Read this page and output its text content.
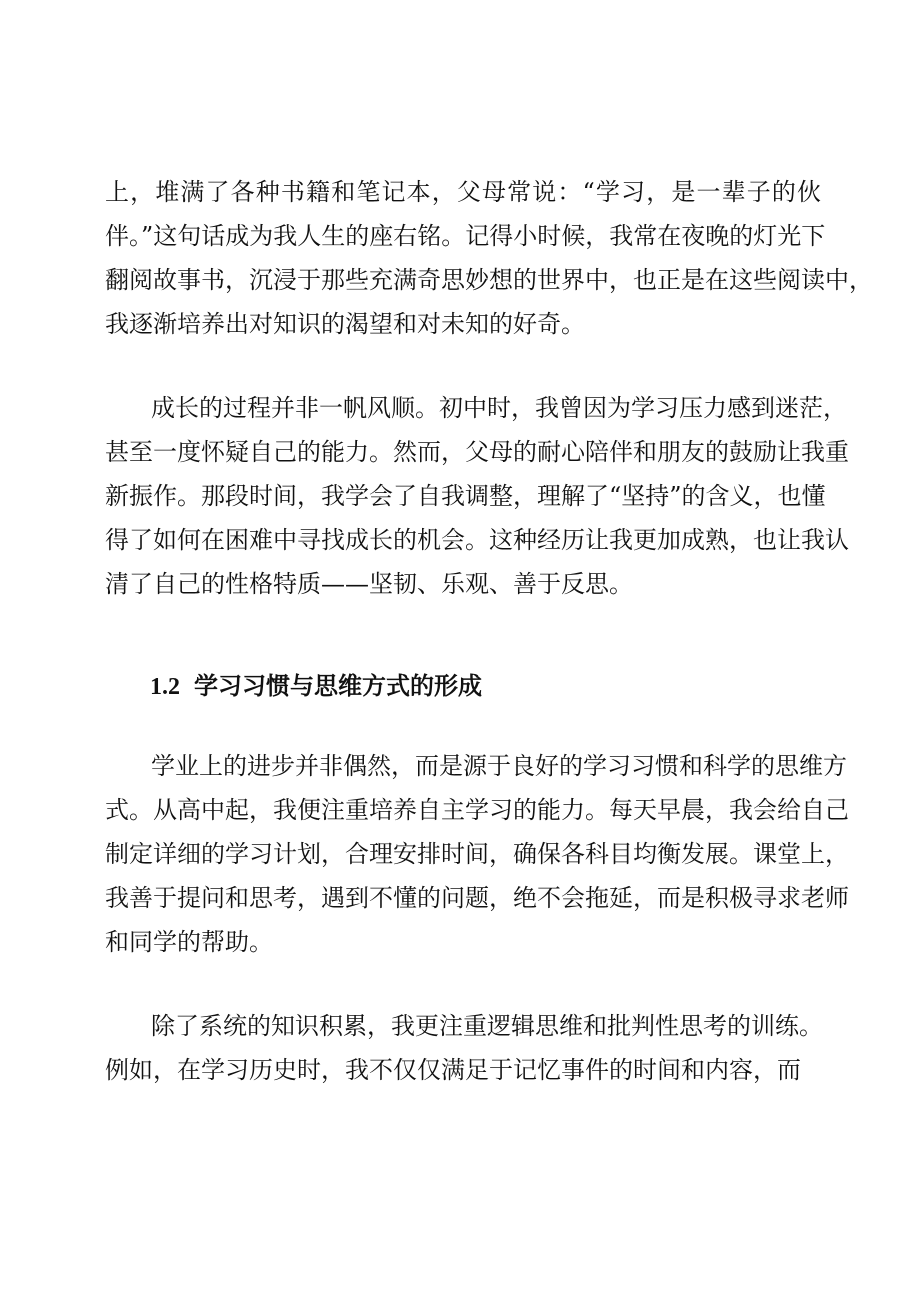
上，堆满了各种书籍和笔记本，父母常说：“学习，是一辈子的伙
伴。”这句话成为我人生的座右铭。记得小时候，我常在夜晚的灯光下
翻阅故事书，沉浸于那些充满奇思妙想的世界中，也正是在这些阅读中，
我逐渐培养出对知识的渴望和对未知的好奇。
成长的过程并非一帆风顺。初中时，我曾因为学习压力感到迷茫，
甚至一度怀疑自己的能力。然而，父母的耐心陪伴和朋友的鼓励让我重
新振作。那段时间，我学会了自我调整，理解了“坚持”的含义，也懂
得了如何在困难中寻找成长的机会。这种经历让我更加成熟，也让我认
清了自己的性格特质——坚韧、乐观、善于反思。
1.2 学习习惯与思维方式的形成
学业上的进步并非偶然，而是源于良好的学习习惯和科学的思维方
式。从高中起，我便注重培养自主学习的能力。每天早晨，我会给自己
制定详细的学习计划，合理安排时间，确保各科目均衡发展。课堂上，
我善于提问和思考，遇到不懂的问题，绝不会拖延，而是积极寻求老师
和同学的帮助。
除了系统的知识积累，我更注重逻辑思维和批判性思考的训练。
例如，在学习历史时，我不仅仅满足于记忆事件的时间和内容，而
